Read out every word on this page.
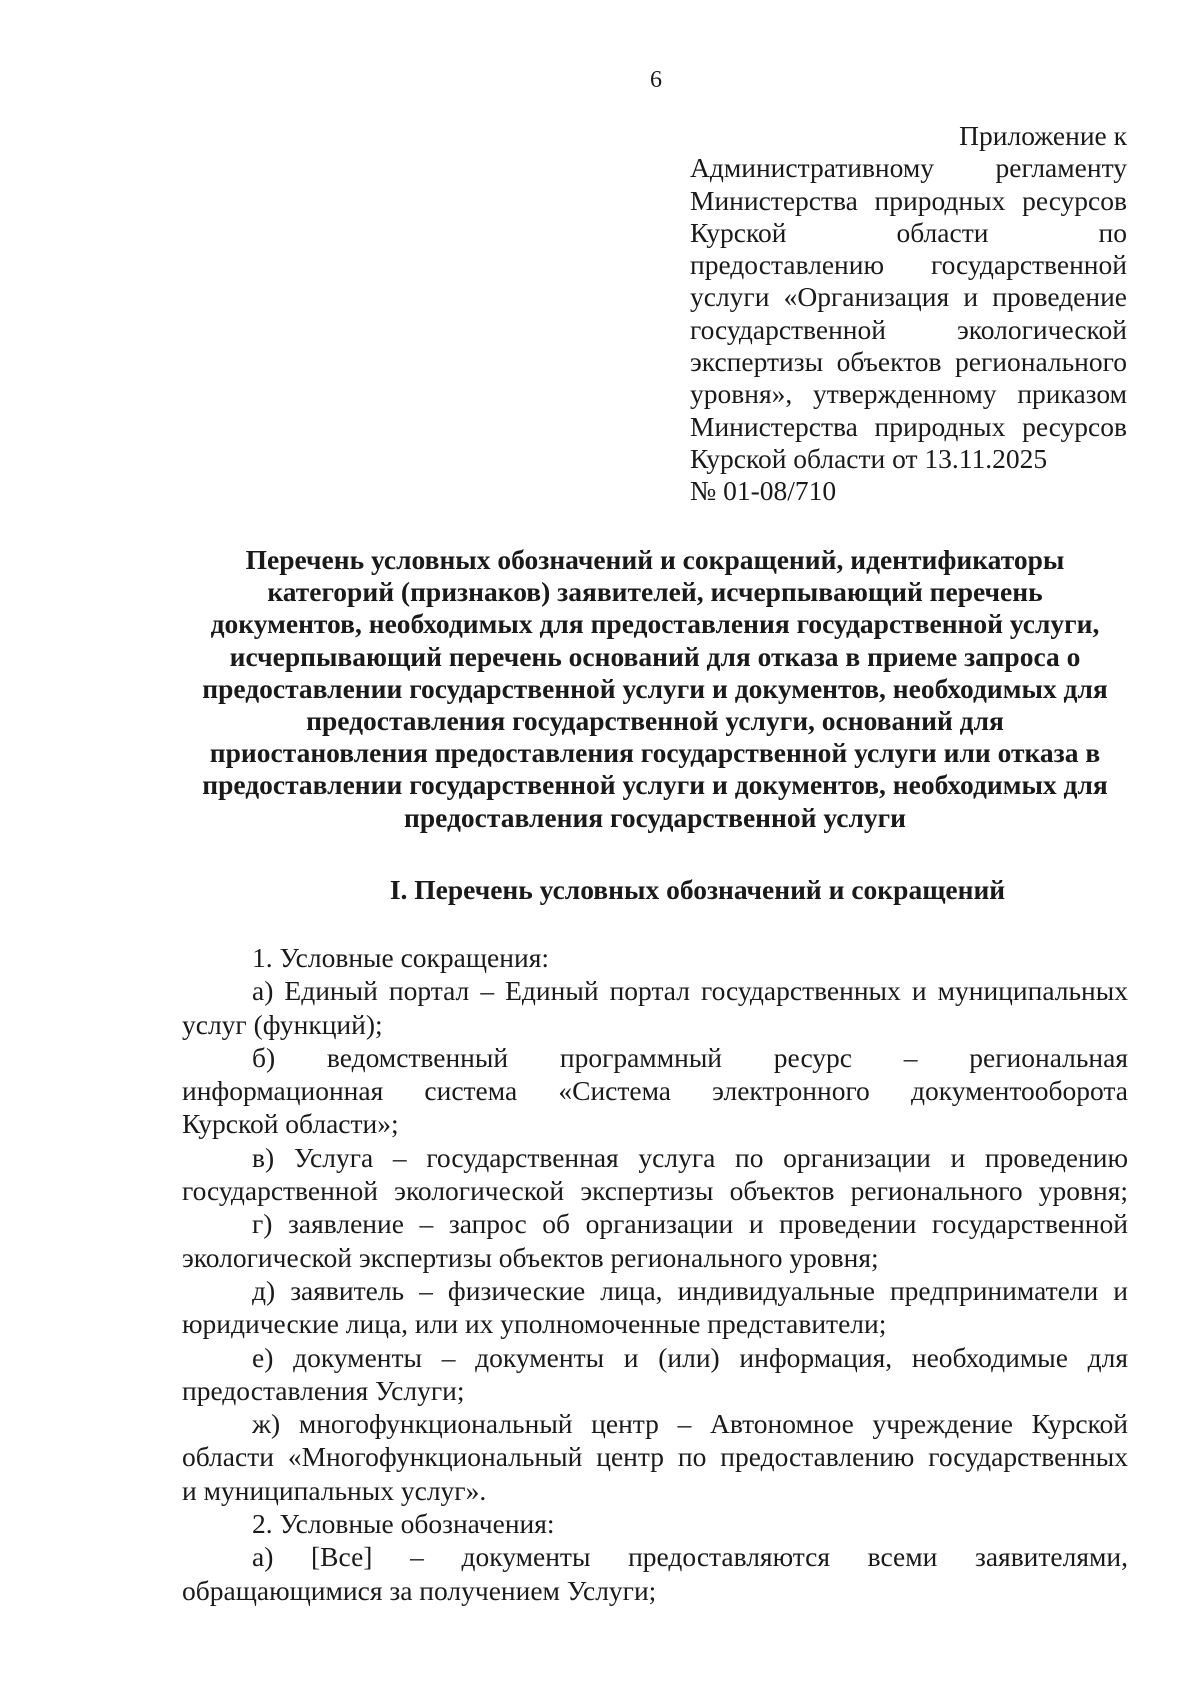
6
Приложение к
Административному регламенту
Министерства природных ресурсов
Курской области по
предоставлению государственной
услуги «Организация и проведение
государственной экологической
экспертизы объектов регионального
уровня», утвержденному приказом
Министерства природных ресурсов
Курской области от 13.11.2025
№ 01-08/710
Перечень условных обозначений и сокращений, идентификаторы
категорий (признаков) заявителей, исчерпывающий перечень
документов, необходимых для предоставления государственной услуги,
исчерпывающий перечень оснований для отказа в приеме запроса о
предоставлении государственной услуги и документов, необходимых для
предоставления государственной услуги, оснований для
приостановления предоставления государственной услуги или отказа в
предоставлении государственной услуги и документов, необходимых для
предоставления государственной услуги
I. Перечень условных обозначений и сокращений
1. Условные сокращения:
а) Единый портал – Единый портал государственных и муниципальных
услуг (функций);
б) ведомственный программный ресурс – региональная
информационная система «Система электронного документооборота
Курской области»;
в) Услуга – государственная услуга по организации и проведению
государственной экологической экспертизы объектов регионального уровня;
г) заявление – запрос об организации и проведении государственной
экологической экспертизы объектов регионального уровня;
д) заявитель – физические лица, индивидуальные предприниматели и
юридические лица, или их уполномоченные представители;
е) документы – документы и (или) информация, необходимые для
предоставления Услуги;
ж) многофункциональный центр – Автономное учреждение Курской
области «Многофункциональный центр по предоставлению государственных
и муниципальных услуг».
2. Условные обозначения:
а) [Все] – документы предоставляются всеми заявителями,
обращающимися за получением Услуги;
